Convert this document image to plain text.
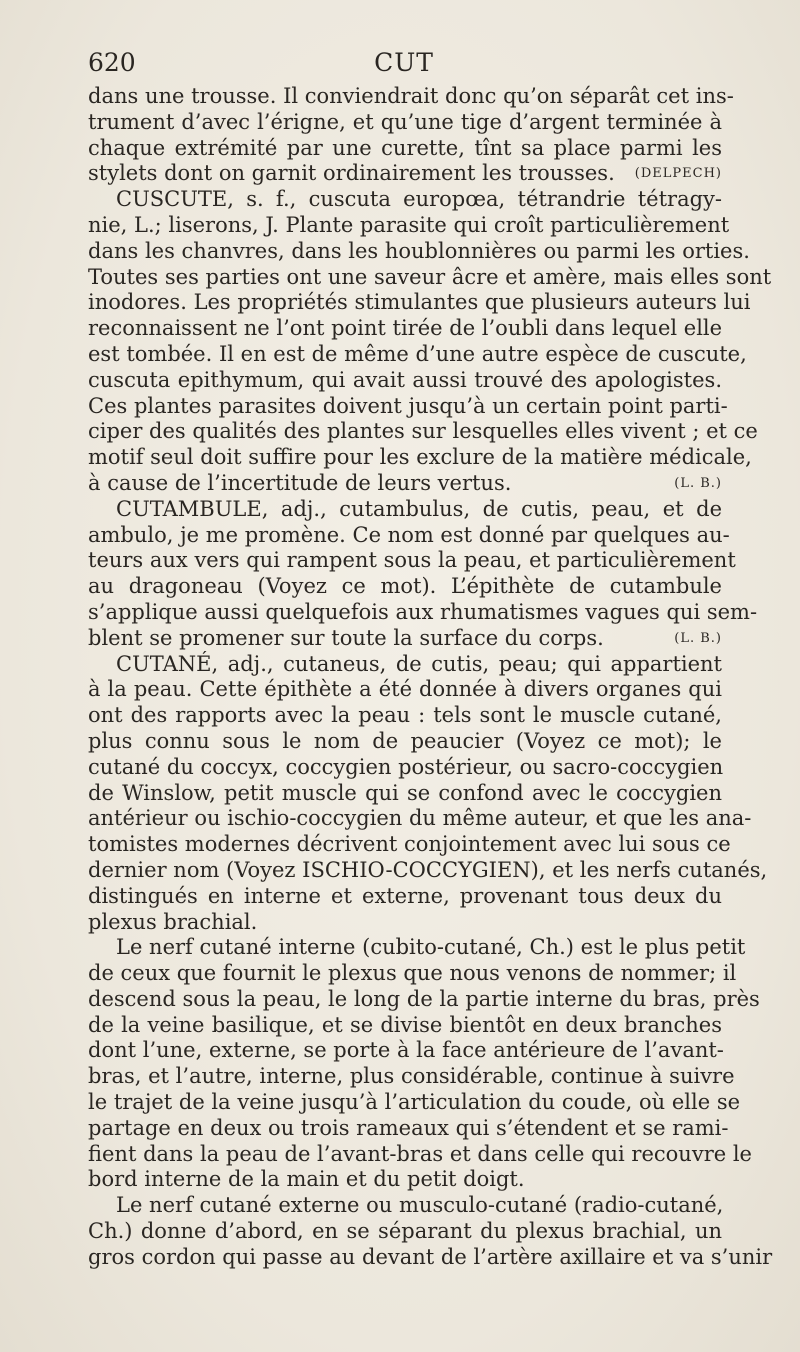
620	CUT
dans une trousse. Il conviendrait donc qu’on séparât cet ins-
trument d’avec l’érigne, et qu’une tige d’argent terminée à
chaque extrémité par une curette, tînt sa place parmi les
stylets dont on garnit ordinairement les trousses. (DELPECH)
CUSCUTE, s. f., cuscuta europœa, tétrandrie tétragy-
nie, L.; liserons, J. Plante parasite qui croît particulièrement
dans les chanvres, dans les houblonnières ou parmi les orties.
Toutes ses parties ont une saveur âcre et amère, mais elles sont
inodores. Les propriétés stimulantes que plusieurs auteurs lui
reconnaissent ne l’ont point tirée de l’oubli dans lequel elle
est tombée. Il en est de même d’une autre espèce de cuscute,
cuscuta epithymum, qui avait aussi trouvé des apologistes.
Ces plantes parasites doivent jusqu’à un certain point parti-
ciper des qualités des plantes sur lesquelles elles vivent ; et ce
motif seul doit suffire pour les exclure de la matière médicale,
à cause de l’incertitude de leurs vertus.	(L. B.)
CUTAMBULE, adj., cutambulus, de cutis, peau, et de
ambulo, je me promène. Ce nom est donné par quelques au-
teurs aux vers qui rampent sous la peau, et particulièrement
au dragoneau (Voyez ce mot). L’épithète de cutambule
s’applique aussi quelquefois aux rhumatismes vagues qui sem-
blent se promener sur toute la surface du corps.	(L. B.)
CUTANÉ, adj., cutaneus, de cutis, peau; qui appartient
à la peau. Cette épithète a été donnée à divers organes qui
ont des rapports avec la peau : tels sont le muscle cutané,
plus connu sous le nom de peaucier (Voyez ce mot); le
cutané du coccyx, coccygien postérieur, ou sacro-coccygien
de Winslow, petit muscle qui se confond avec le coccygien
antérieur ou ischio-coccygien du même auteur, et que les ana-
tomistes modernes décrivent conjointement avec lui sous ce
dernier nom (Voyez ISCHIO-COCCYGIEN), et les nerfs cutanés,
distingués en interne et externe, provenant tous deux du
plexus brachial.
Le nerf cutané interne (cubito-cutané, Ch.) est le plus petit
de ceux que fournit le plexus que nous venons de nommer; il
descend sous la peau, le long de la partie interne du bras, près
de la veine basilique, et se divise bientôt en deux branches
dont l’une, externe, se porte à la face antérieure de l’avant-
bras, et l’autre, interne, plus considérable, continue à suivre
le trajet de la veine jusqu’à l’articulation du coude, où elle se
partage en deux ou trois rameaux qui s’étendent et se rami-
fient dans la peau de l’avant-bras et dans celle qui recouvre le
bord interne de la main et du petit doigt.
Le nerf cutané externe ou musculo-cutané (radio-cutané,
Ch.) donne d’abord, en se séparant du plexus brachial, un
gros cordon qui passe au devant de l’artère axillaire et va s’unir
